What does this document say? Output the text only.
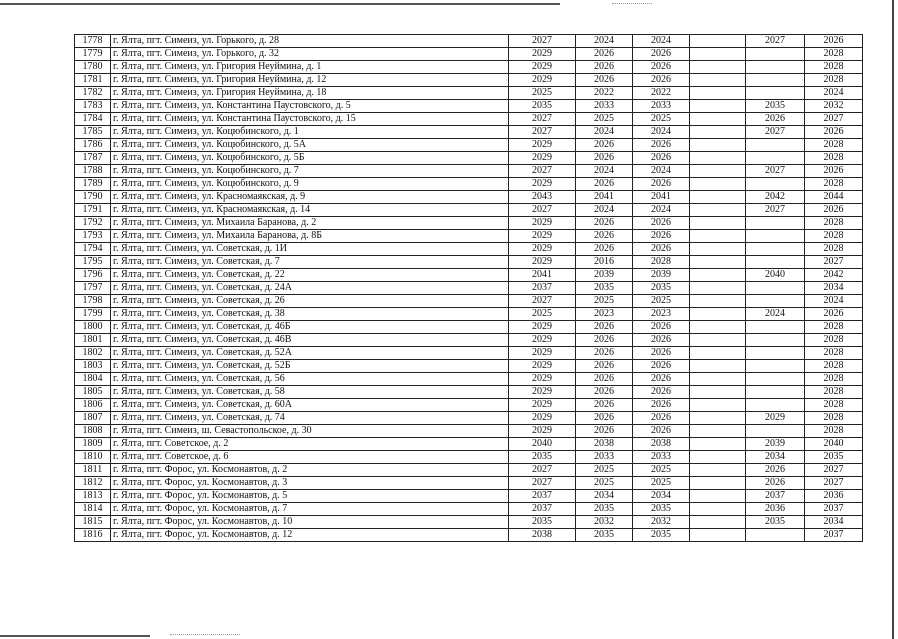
1778	г. Ялта, пгт. Симеиз, ул. Горького, д. 28	2027	2024	2024		2027	2026
1779	г. Ялта, пгт. Симеиз, ул. Горького, д. 32	2029	2026	2026			2028
1780	г. Ялта, пгт. Симеиз, ул. Григория Неуймина, д. 1	2029	2026	2026			2028
1781	г. Ялта, пгт. Симеиз, ул. Григория Неуймина, д. 12	2029	2026	2026			2028
1782	г. Ялта, пгт. Симеиз, ул. Григория Неуймина, д. 18	2025	2022	2022			2024
1783	г. Ялта, пгт. Симеиз, ул. Константина Паустовского, д. 5	2035	2033	2033		2035	2032
1784	г. Ялта, пгт. Симеиз, ул. Константина Паустовского, д. 15	2027	2025	2025		2026	2027
1785	г. Ялта, пгт. Симеиз, ул. Коцюбинского, д. 1	2027	2024	2024		2027	2026
1786	г. Ялта, пгт. Симеиз, ул. Коцюбинского, д. 5А	2029	2026	2026			2028
1787	г. Ялта, пгт. Симеиз, ул. Коцюбинского, д. 5Б	2029	2026	2026			2028
1788	г. Ялта, пгт. Симеиз, ул. Коцюбинского, д. 7	2027	2024	2024		2027	2026
1789	г. Ялта, пгт. Симеиз, ул. Коцюбинского, д. 9	2029	2026	2026			2028
1790	г. Ялта, пгт. Симеиз, ул. Красномаякская, д. 9	2043	2041	2041		2042	2044
1791	г. Ялта, пгт. Симеиз, ул. Красномаякская, д. 14	2027	2024	2024		2027	2026
1792	г. Ялта, пгт. Симеиз, ул. Михаила Баранова, д. 2	2029	2026	2026			2028
1793	г. Ялта, пгт. Симеиз, ул. Михаила Баранова, д. 8Б	2029	2026	2026			2028
1794	г. Ялта, пгт. Симеиз, ул. Советская, д. 1И	2029	2026	2026			2028
1795	г. Ялта, пгт. Симеиз, ул. Советская, д. 7	2029	2016	2028			2027
1796	г. Ялта, пгт. Симеиз, ул. Советская, д. 22	2041	2039	2039		2040	2042
1797	г. Ялта, пгт. Симеиз, ул. Советская, д. 24А	2037	2035	2035			2034
1798	г. Ялта, пгт. Симеиз, ул. Советская, д. 26	2027	2025	2025			2024
1799	г. Ялта, пгт. Симеиз, ул. Советская, д. 38	2025	2023	2023		2024	2026
1800	г. Ялта, пгт. Симеиз, ул. Советская, д. 46Б	2029	2026	2026			2028
1801	г. Ялта, пгт. Симеиз, ул. Советская, д. 46В	2029	2026	2026			2028
1802	г. Ялта, пгт. Симеиз, ул. Советская, д. 52А	2029	2026	2026			2028
1803	г. Ялта, пгт. Симеиз, ул. Советская, д. 52Б	2029	2026	2026			2028
1804	г. Ялта, пгт. Симеиз, ул. Советская, д. 56	2029	2026	2026			2028
1805	г. Ялта, пгт. Симеиз, ул. Советская, д. 58	2029	2026	2026			2028
1806	г. Ялта, пгт. Симеиз, ул. Советская, д. 60А	2029	2026	2026			2028
1807	г. Ялта, пгт. Симеиз, ул. Советская, д. 74	2029	2026	2026		2029	2028
1808	г. Ялта, пгт. Симеиз, ш. Севастопольское, д. 30	2029	2026	2026			2028
1809	г. Ялта, пгт. Советское, д. 2	2040	2038	2038		2039	2040
1810	г. Ялта, пгт. Советское, д. 6	2035	2033	2033		2034	2035
1811	г. Ялта, пгт. Форос, ул. Космонавтов, д. 2	2027	2025	2025		2026	2027
1812	г. Ялта, пгт. Форос, ул. Космонавтов, д. 3	2027	2025	2025		2026	2027
1813	г. Ялта, пгт. Форос, ул. Космонавтов, д. 5	2037	2034	2034		2037	2036
1814	г. Ялта, пгт. Форос, ул. Космонавтов, д. 7	2037	2035	2035		2036	2037
1815	г. Ялта, пгт. Форос, ул. Космонавтов, д. 10	2035	2032	2032		2035	2034
1816	г. Ялта, пгт. Форос, ул. Космонавтов, д. 12	2038	2035	2035			2037
